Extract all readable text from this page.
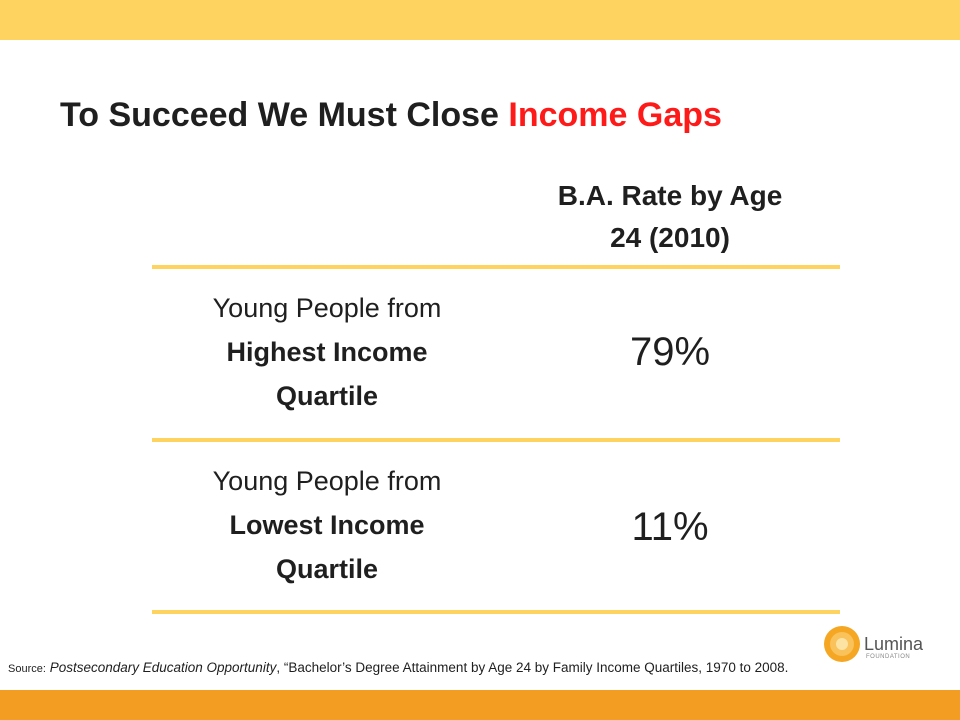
To Succeed We Must Close Income Gaps
B.A. Rate by Age
24 (2010)
Young People from
Highest Income
Quartile
79%
Young People from
Lowest Income
Quartile
11%
Lumina
FOUNDATION
Source: Postsecondary Education Opportunity, “Bachelor’s Degree Attainment by Age 24 by Family Income Quartiles, 1970 to 2008.
